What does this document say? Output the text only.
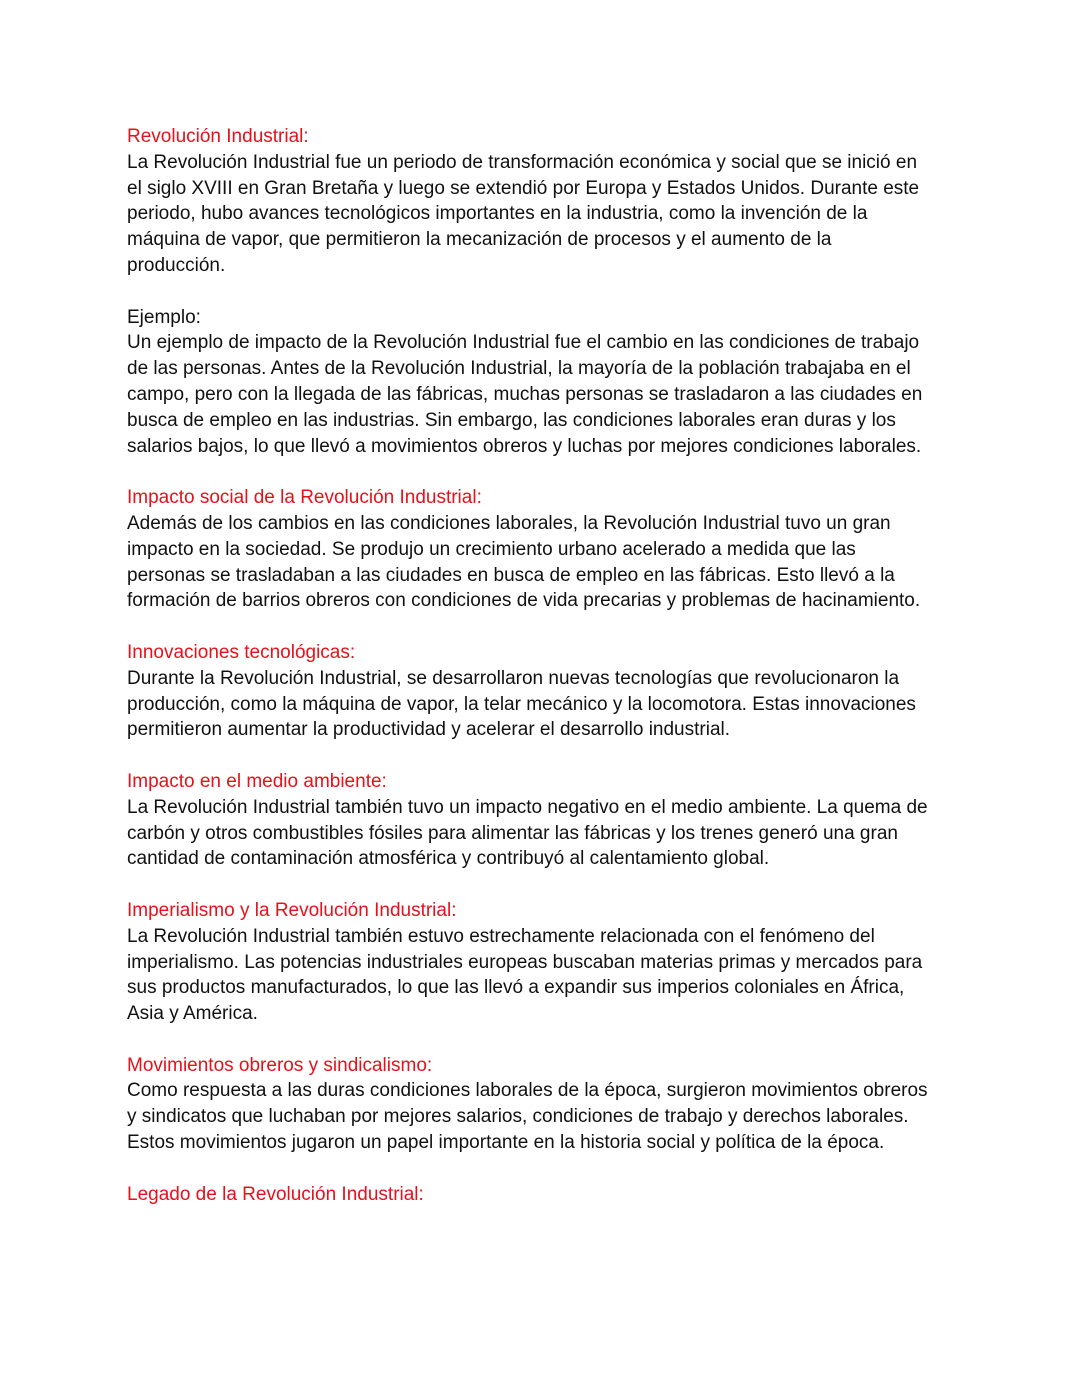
Revolución Industrial:
La Revolución Industrial fue un periodo de transformación económica y social que se inició en
el siglo XVIII en Gran Bretaña y luego se extendió por Europa y Estados Unidos. Durante este
periodo, hubo avances tecnológicos importantes en la industria, como la invención de la
máquina de vapor, que permitieron la mecanización de procesos y el aumento de la
producción.
Ejemplo:
Un ejemplo de impacto de la Revolución Industrial fue el cambio en las condiciones de trabajo
de las personas. Antes de la Revolución Industrial, la mayoría de la población trabajaba en el
campo, pero con la llegada de las fábricas, muchas personas se trasladaron a las ciudades en
busca de empleo en las industrias. Sin embargo, las condiciones laborales eran duras y los
salarios bajos, lo que llevó a movimientos obreros y luchas por mejores condiciones laborales.
Impacto social de la Revolución Industrial:
Además de los cambios en las condiciones laborales, la Revolución Industrial tuvo un gran
impacto en la sociedad. Se produjo un crecimiento urbano acelerado a medida que las
personas se trasladaban a las ciudades en busca de empleo en las fábricas. Esto llevó a la
formación de barrios obreros con condiciones de vida precarias y problemas de hacinamiento.
Innovaciones tecnológicas:
Durante la Revolución Industrial, se desarrollaron nuevas tecnologías que revolucionaron la
producción, como la máquina de vapor, la telar mecánico y la locomotora. Estas innovaciones
permitieron aumentar la productividad y acelerar el desarrollo industrial.
Impacto en el medio ambiente:
La Revolución Industrial también tuvo un impacto negativo en el medio ambiente. La quema de
carbón y otros combustibles fósiles para alimentar las fábricas y los trenes generó una gran
cantidad de contaminación atmosférica y contribuyó al calentamiento global.
Imperialismo y la Revolución Industrial:
La Revolución Industrial también estuvo estrechamente relacionada con el fenómeno del
imperialismo. Las potencias industriales europeas buscaban materias primas y mercados para
sus productos manufacturados, lo que las llevó a expandir sus imperios coloniales en África,
Asia y América.
Movimientos obreros y sindicalismo:
Como respuesta a las duras condiciones laborales de la época, surgieron movimientos obreros
y sindicatos que luchaban por mejores salarios, condiciones de trabajo y derechos laborales.
Estos movimientos jugaron un papel importante en la historia social y política de la época.
Legado de la Revolución Industrial:
